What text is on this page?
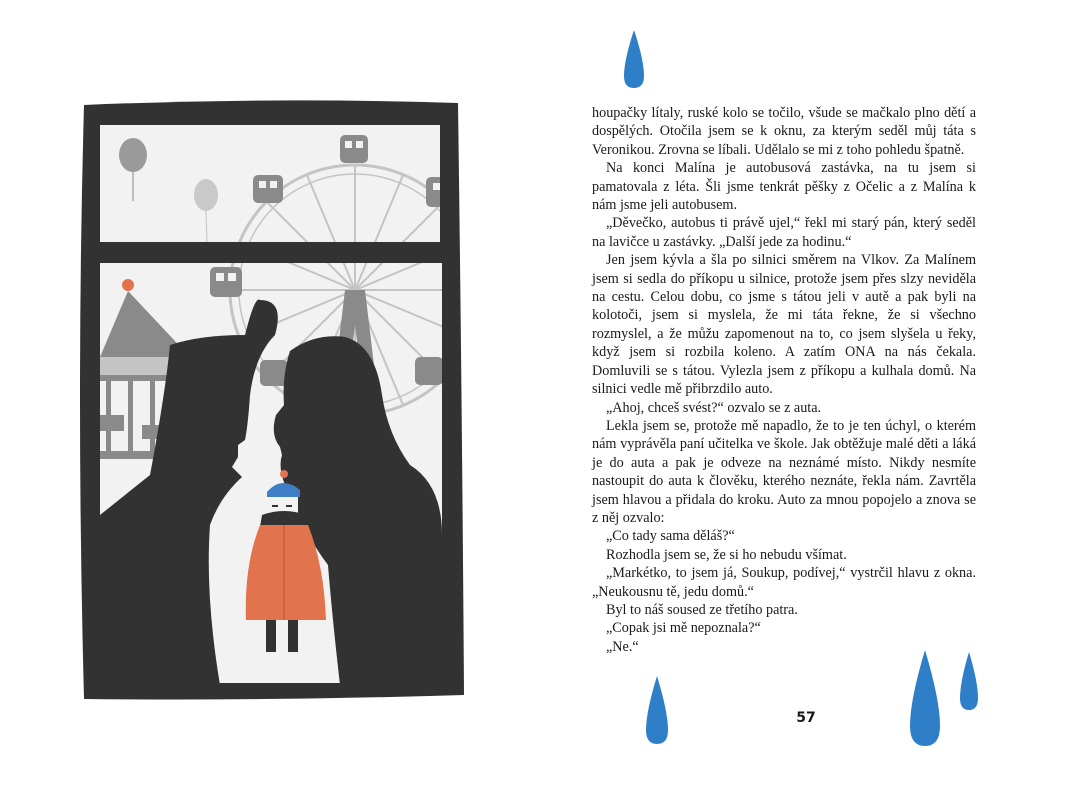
houpačky lítaly, ruské kolo se točilo, všude se mačkalo plno dětí a dospělých. Otočila jsem se k oknu, za kterým seděl můj táta s Veronikou. Zrovna se líbali. Udělalo se mi z toho pohledu špatně.

Na konci Malína je autobusová zastávka, na tu jsem si pamatovala z léta. Šli jsme tenkrát pěšky z Očelic a z Malína k nám jsme jeli autobusem.

„Děvečko, autobus ti právě ujel,“ řekl mi starý pán, který seděl na lavičce u zastávky. „Další jede za hodinu.“

Jen jsem kývla a šla po silnici směrem na Vlkov. Za Malínem jsem si sedla do příkopu u silnice, protože jsem přes slzy neviděla na cestu. Celou dobu, co jsme s tátou jeli v autě a pak byli na kolotoči, jsem si myslela, že mi táta řekne, že si všechno rozmyslel, a že můžu zapomenout na to, co jsem slyšela u řeky, když jsem si rozbila koleno. A zatím ONA na nás čekala. Domluvili se s tátou. Vylezla jsem z příkopu a kulhala domů. Na silnici vedle mě přibrzdilo auto.

„Ahoj, chceš svést?“ ozvalo se z auta.

Lekla jsem se, protože mě napadlo, že to je ten úchyl, o kterém nám vyprávěla paní učitelka ve škole. Jak obtěžuje malé děti a láká je do auta a pak je odveze na neznámé místo. Nikdy nesmíte nastoupit do auta k člověku, kterého neznáte, řekla nám. Zavrtěla jsem hlavou a přidala do kroku. Auto za mnou popojelo a znova se z něj ozvalo:

„Co tady sama děláš?“

Rozhodla jsem se, že si ho nebudu všímat.

„Markétko, to jsem já, Soukup, podívej,“ vystrčil hlavu z okna. „Neukousnu tě, jedu domů.“

Byl to náš soused ze třetího patra.

„Copak jsi mě nepoznala?“

„Ne.“

57
